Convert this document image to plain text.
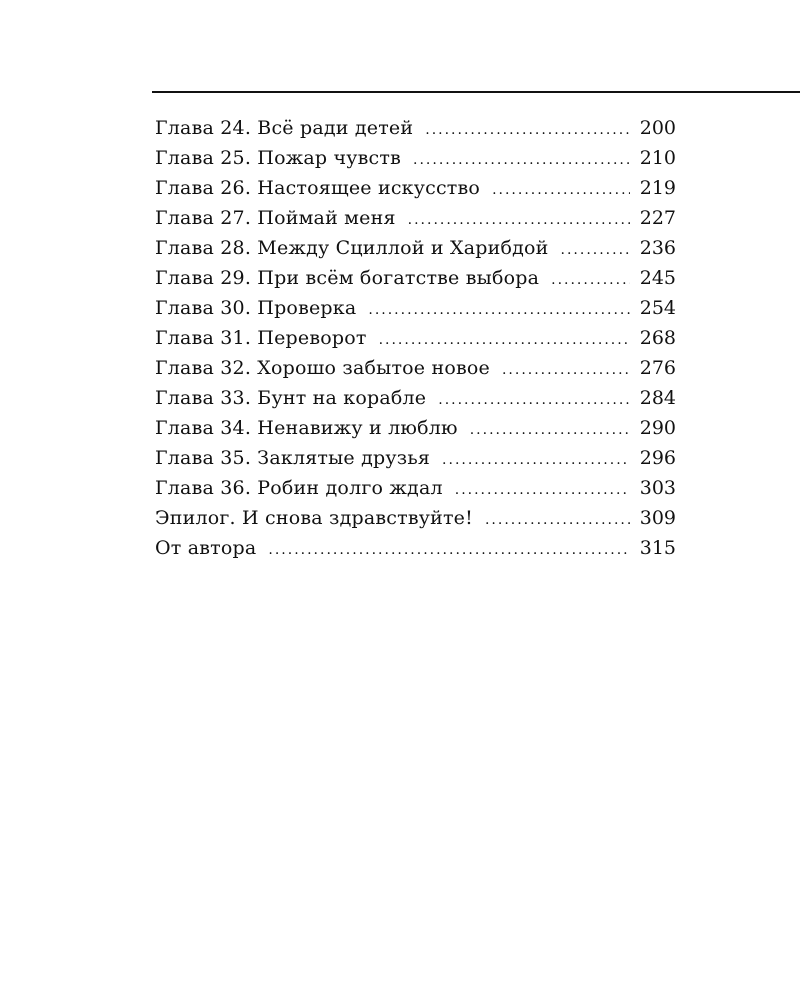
Глава 24. Всё ради детей .....	200
Глава 25. Пожар чувств .....	210
Глава 26. Настоящее искусство .....	219
Глава 27. Поймай меня .....	227
Глава 28. Между Сциллой и Харибдой .....	236
Глава 29. При всём богатстве выбора .....	245
Глава 30. Проверка .....	254
Глава 31. Переворот .....	268
Глава 32. Хорошо забытое новое .....	276
Глава 33. Бунт на корабле .....	284
Глава 34. Ненавижу и люблю .....	290
Глава 35. Заклятые друзья .....	296
Глава 36. Робин долго ждал .....	303
Эпилог. И снова здравствуйте! .....	309
От автора .....	315
